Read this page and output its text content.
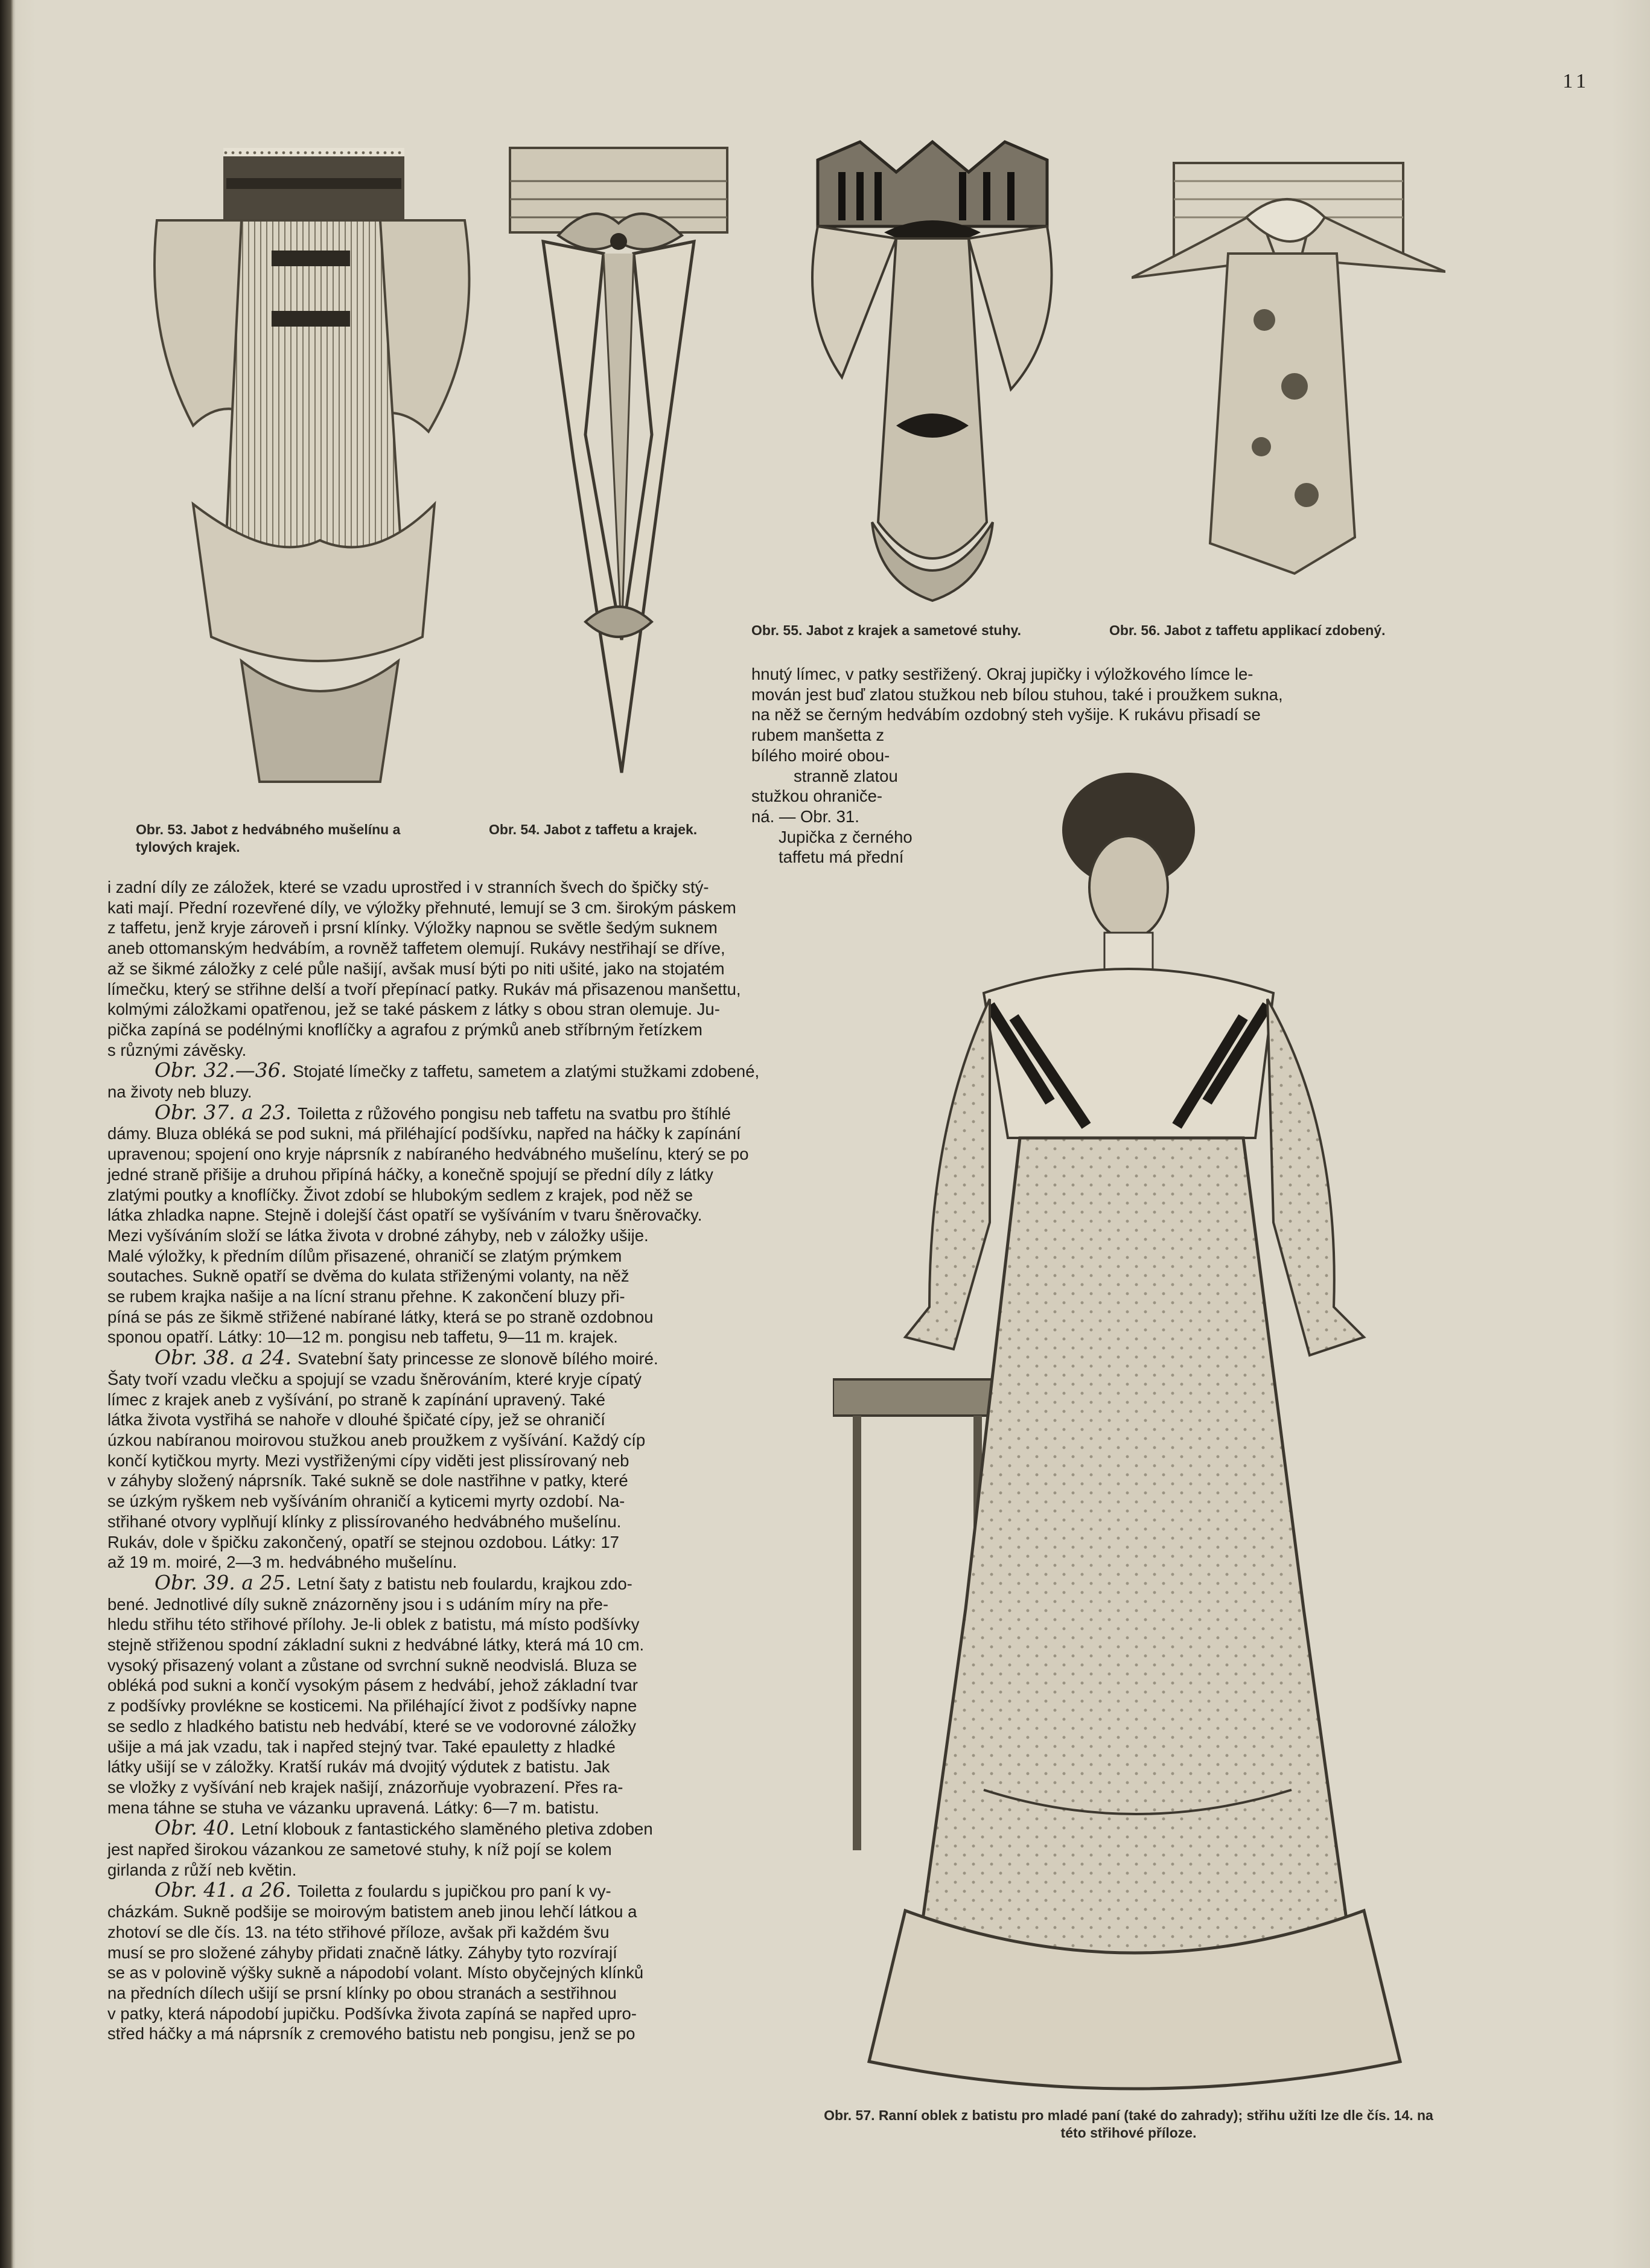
11
Obr. 53. Jabot z hedvábného mušelínu a tylových krajek.
Obr. 54. Jabot z taffetu a krajek.
Obr. 55. Jabot z krajek a sametové stuhy.	Obr. 56. Jabot z taffetu applikací zdobený.
Obr. 57. Ranní oblek z batistu pro mladé paní (také do zahrady); střihu užíti lze dle čís. 14. na této střihové příloze.
hnutý límec, v patky sestřižený. Okraj jupičky i výložkového límce le-
mován jest buď zlatou stužkou neb bílou stuhou, také i proužkem sukna,
na něž se černým hedvábím ozdobný steh vyšije. K rukávu přisadí se
rubem manšetta z
bílého moiré obou-
stranně zlatou
stužkou ohraniče-
ná. — Obr. 31.
Jupička z černého
taffetu má přední
i zadní díly ze záložek, které se vzadu uprostřed i v stranních švech do špičky stý-
kati mají. Přední rozevřené díly, ve výložky přehnuté, lemují se 3 cm. širokým páskem
z taffetu, jenž kryje zároveň i prsní klínky. Výložky napnou se světle šedým suknem
aneb ottomanským hedvábím, a rovněž taffetem olemují. Rukávy nestřihají se dříve,
až se šikmé záložky z celé půle našijí, avšak musí býti po niti ušité, jako na stojatém
límečku, který se střihne delší a tvoří přepínací patky. Rukáv má přisazenou manšettu,
kolmými záložkami opatřenou, jež se také páskem z látky s obou stran olemuje. Ju-
pička zapíná se podélnými knoflíčky a agrafou z prýmků aneb stříbrným řetízkem
s různými závěsky.
Obr. 32.—36. Stojaté límečky z taffetu, sametem a zlatými stužkami zdobené,
na životy neb bluzy.
Obr. 37. a 23. Toiletta z růžového pongisu neb taffetu na svatbu pro štíhlé
dámy. Bluza obléká se pod sukni, má přiléhající podšívku, napřed na háčky k zapínání
upravenou; spojení ono kryje náprsník z nabíraného hedvábného mušelínu, který se po
jedné straně přišije a druhou připíná háčky, a konečně spojují se přední díly z látky
zlatými poutky a knoflíčky. Život zdobí se hlubokým sedlem z krajek, pod něž se
látka zhladka napne. Stejně i dolejší část opatří se vyšíváním v tvaru šněrovačky.
Mezi vyšíváním složí se látka života v drobné záhyby, neb v záložky ušije.
Malé výložky, k předním dílům přisazené, ohraničí se zlatým prýmkem
soutaches. Sukně opatří se dvěma do kulata střiženými volanty, na něž
se rubem krajka našije a na lícní stranu přehne. K zakončení bluzy při-
píná se pás ze šikmě střižené nabírané látky, která se po straně ozdobnou
sponou opatří. Látky: 10—12 m. pongisu neb taffetu, 9—11 m. krajek.
Obr. 38. a 24. Svatební šaty princesse ze slonově bílého moiré.
Šaty tvoří vzadu vlečku a spojují se vzadu šněrováním, které kryje cípatý
límec z krajek aneb z vyšívání, po straně k zapínání upravený. Také
látka života vystřihá se nahoře v dlouhé špičaté cípy, jež se ohraničí
úzkou nabíranou moirovou stužkou aneb proužkem z vyšívání. Každý cíp
končí kytičkou myrty. Mezi vystřiženými cípy viděti jest plissírovaný neb
v záhyby složený náprsník. Také sukně se dole nastřihne v patky, které
se úzkým ryškem neb vyšíváním ohraničí a kyticemi myrty ozdobí. Na-
střihané otvory vyplňují klínky z plissírovaného hedvábného mušelínu.
Rukáv, dole v špičku zakončený, opatří se stejnou ozdobou. Látky: 17
až 19 m. moiré, 2—3 m. hedvábného mušelínu.
Obr. 39. a 25. Letní šaty z batistu neb foulardu, krajkou zdo-
bené. Jednotlivé díly sukně znázorněny jsou i s udáním míry na pře-
hledu střihu této střihové přílohy. Je-li oblek z batistu, má místo podšívky
stejně střiženou spodní základní sukni z hedvábné látky, která má 10 cm.
vysoký přisazený volant a zůstane od svrchní sukně neodvislá. Bluza se
obléká pod sukni a končí vysokým pásem z hedvábí, jehož základní tvar
z podšívky provlékne se kosticemi. Na přiléhající život z podšívky napne
se sedlo z hladkého batistu neb hedvábí, které se ve vodorovné záložky
ušije a má jak vzadu, tak i napřed stejný tvar. Také epauletty z hladké
látky ušijí se v záložky. Kratší rukáv má dvojitý výdutek z batistu. Jak
se vložky z vyšívání neb krajek našijí, znázorňuje vyobrazení. Přes ra-
mena táhne se stuha ve vázanku upravená. Látky: 6—7 m. batistu.
Obr. 40. Letní klobouk z fantastického slaměného pletiva zdoben
jest napřed širokou vázankou ze sametové stuhy, k níž pojí se kolem
girlanda z růží neb květin.
Obr. 41. a 26. Toiletta z foulardu s jupičkou pro paní k vy-
cházkám. Sukně podšije se moirovým batistem aneb jinou lehčí látkou a
zhotoví se dle čís. 13. na této střihové příloze, avšak při každém švu
musí se pro složené záhyby přidati značně látky. Záhyby tyto rozvírají
se as v polovině výšky sukně a nápodobí volant. Místo obyčejných klínků
na předních dílech ušijí se prsní klínky po obou stranách a sestřihnou
v patky, která nápodobí jupičku. Podšívka života zapíná se napřed upro-
střed háčky a má náprsník z cremového batistu neb pongisu, jenž se po
